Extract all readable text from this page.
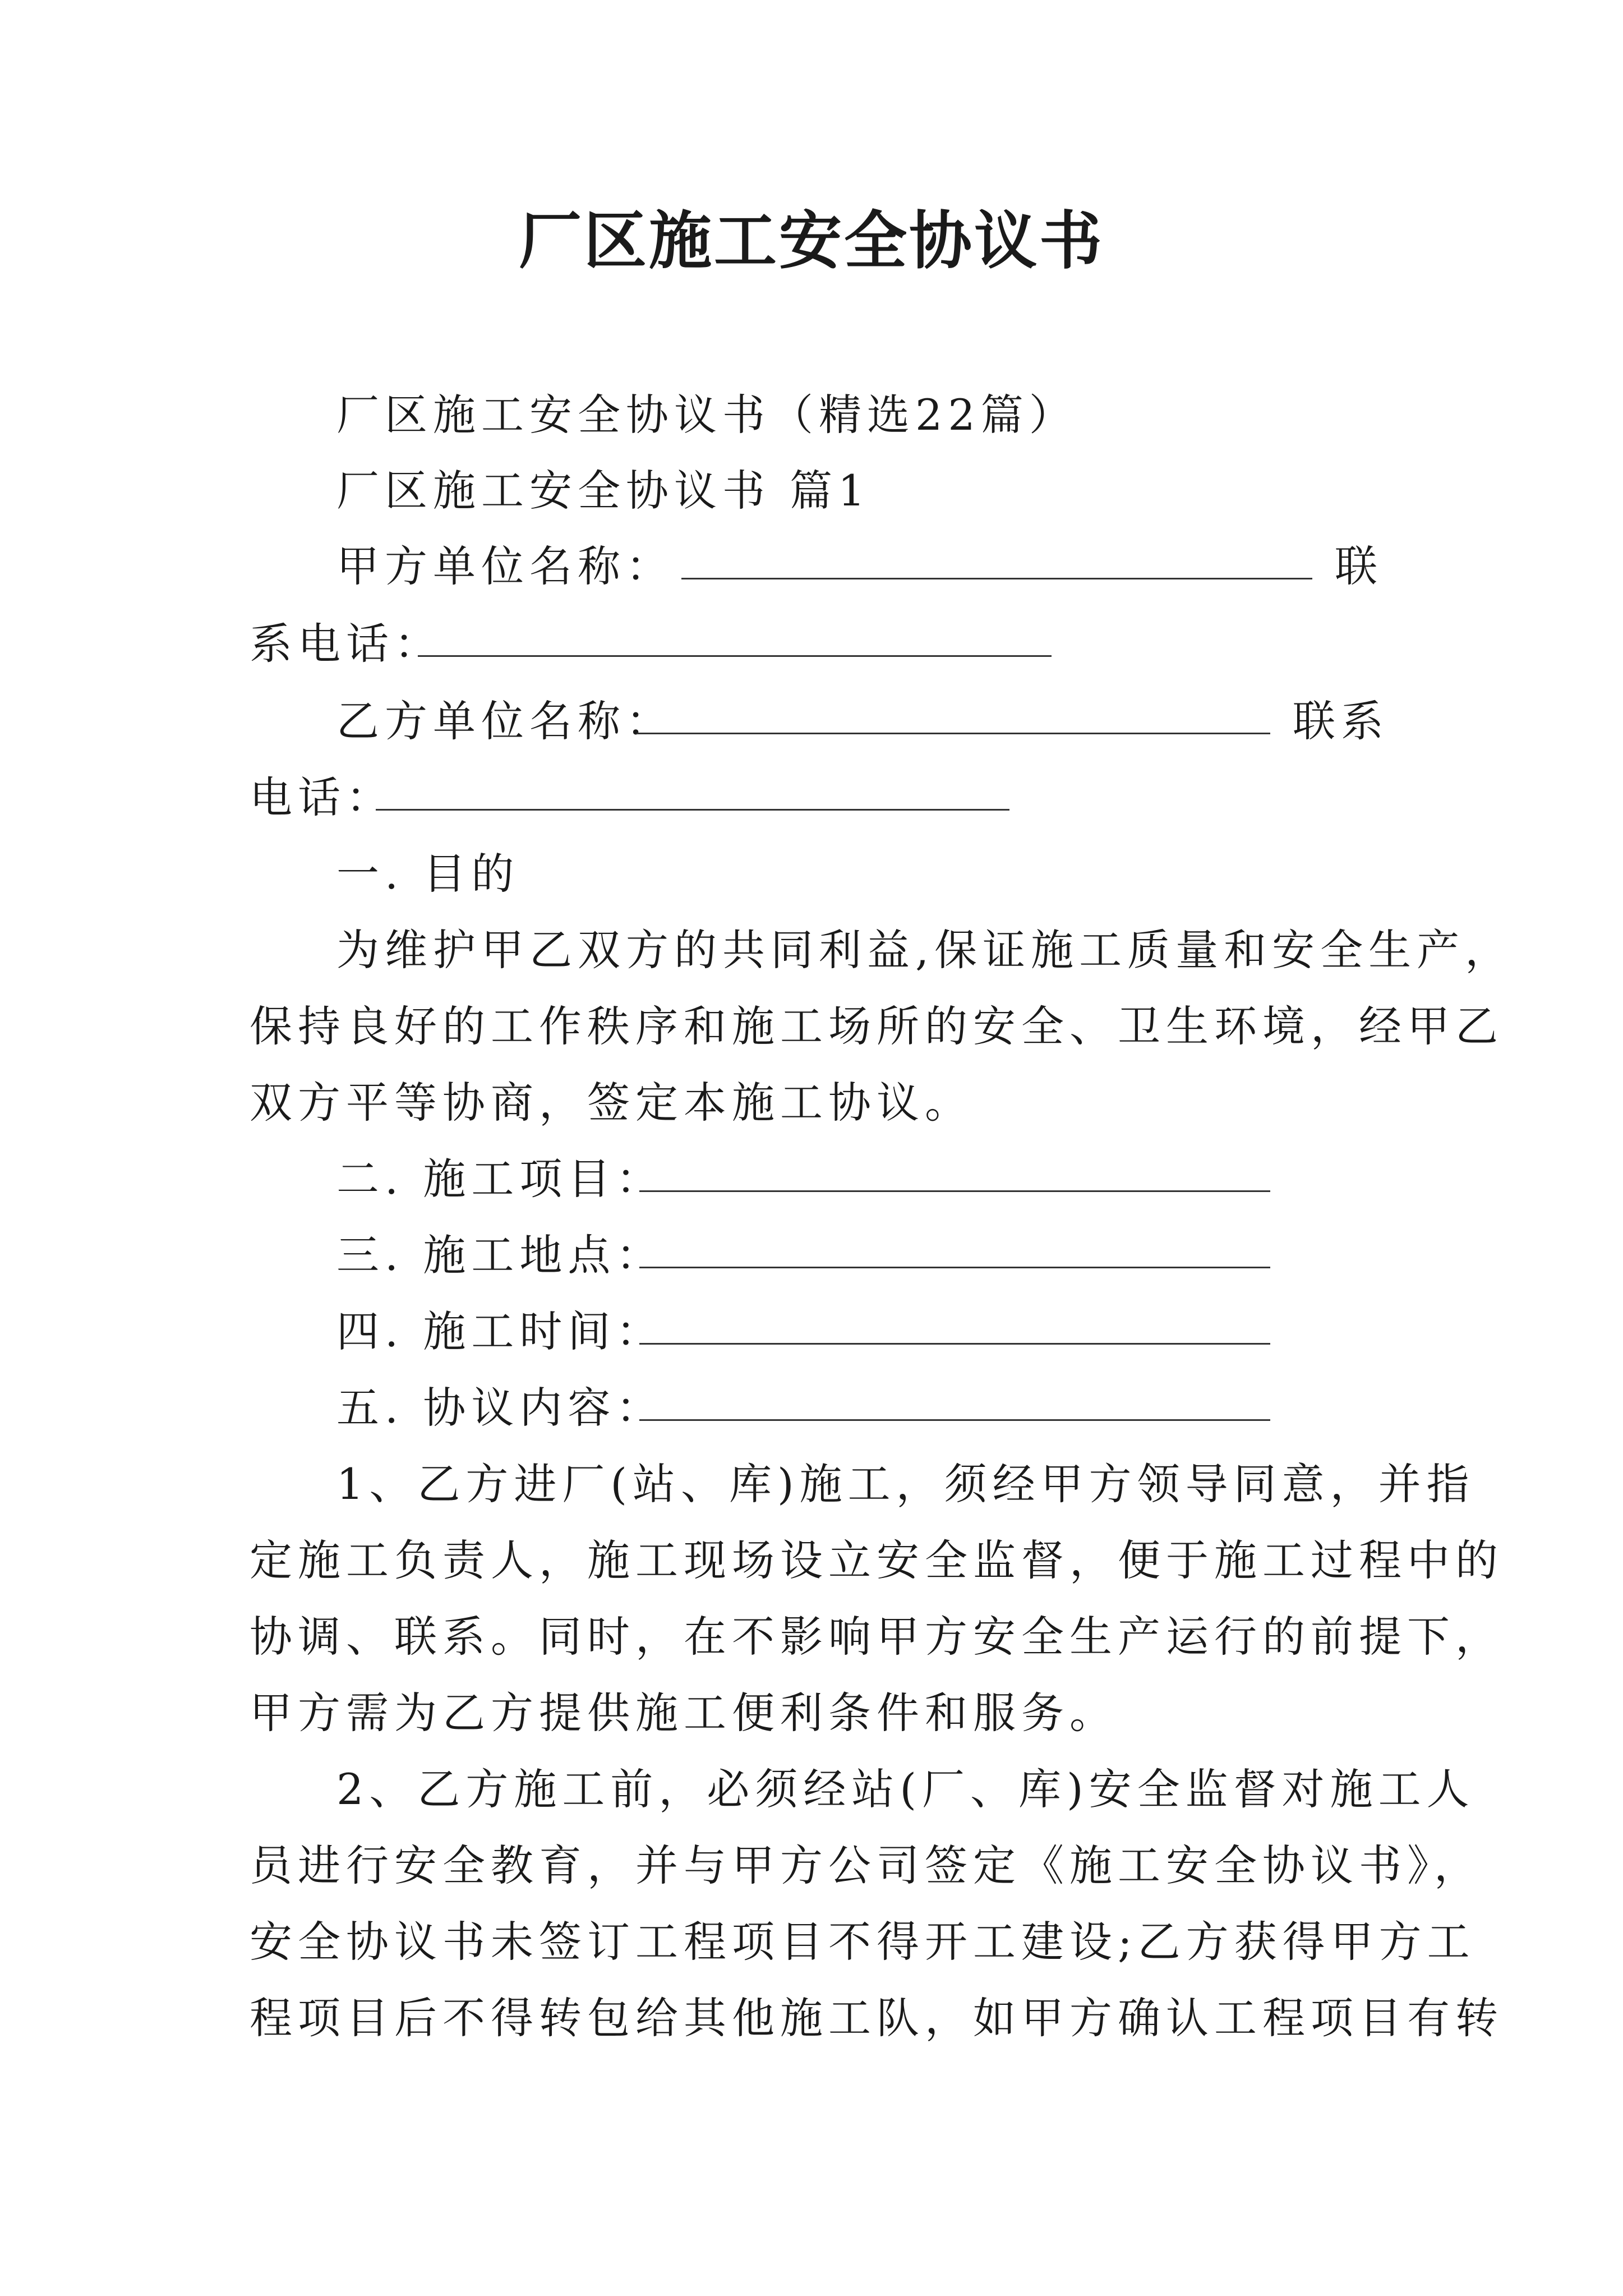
厂区施工安全协议书

厂区施工安全协议书（精选22篇）

厂区施工安全协议书 篇1

甲方单位名称：	联

系电话：

乙方单位名称：	联系

电话：

一. 目的

为维护甲乙双方的共同利益,保证施工质量和安全生产，

保持良好的工作秩序和施工场所的安全、卫生环境，经甲乙

双方平等协商，签定本施工协议。

二. 施工项目：

三. 施工地点：

四. 施工时间：

五. 协议内容：

1、乙方进厂(站、库)施工，须经甲方领导同意，并指

定施工负责人，施工现场设立安全监督，便于施工过程中的

协调、联系。同时，在不影响甲方安全生产运行的前提下，

甲方需为乙方提供施工便利条件和服务。

2、乙方施工前，必须经站(厂、库)安全监督对施工人

员进行安全教育，并与甲方公司签定《施工安全协议书》，

安全协议书未签订工程项目不得开工建设;乙方获得甲方工

程项目后不得转包给其他施工队，如甲方确认工程项目有转
